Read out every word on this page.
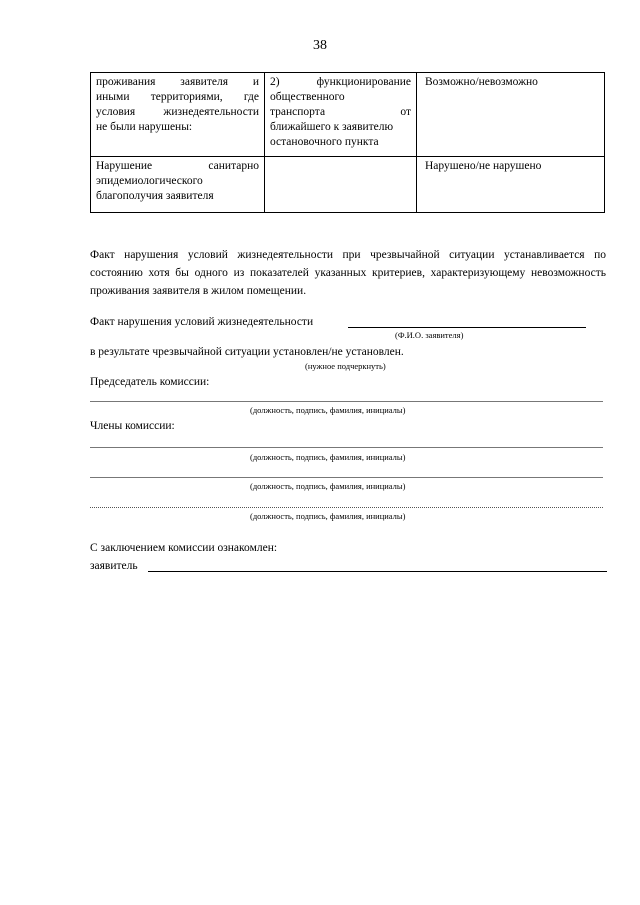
38
проживания заявителя и
иными территориями, где
условия жизнедеятельности
не были нарушены:	2) функционирование
общественного
транспорта от
ближайшего к заявителю
остановочного пункта	Возможно/невозможно

Нарушение санитарно
эпидемиологического
благополучия заявителя		Нарушено/не нарушено
Факт нарушения условий жизнедеятельности при чрезвычайной ситуации устанавливается по состоянию хотя бы одного из показателей указанных критериев, характеризующему невозможность проживания заявителя в жилом помещении.
Факт нарушения условий жизнедеятельности
(Ф.И.О. заявителя)
в результате чрезвычайной ситуации установлен/не установлен.
(нужное подчеркнуть)
Председатель комиссии:
(должность, подпись, фамилия, инициалы)
Члены комиссии:
(должность, подпись, фамилия, инициалы)
(должность, подпись, фамилия, инициалы)
(должность, подпись, фамилия, инициалы)
С заключением комиссии ознакомлен:
заявитель
